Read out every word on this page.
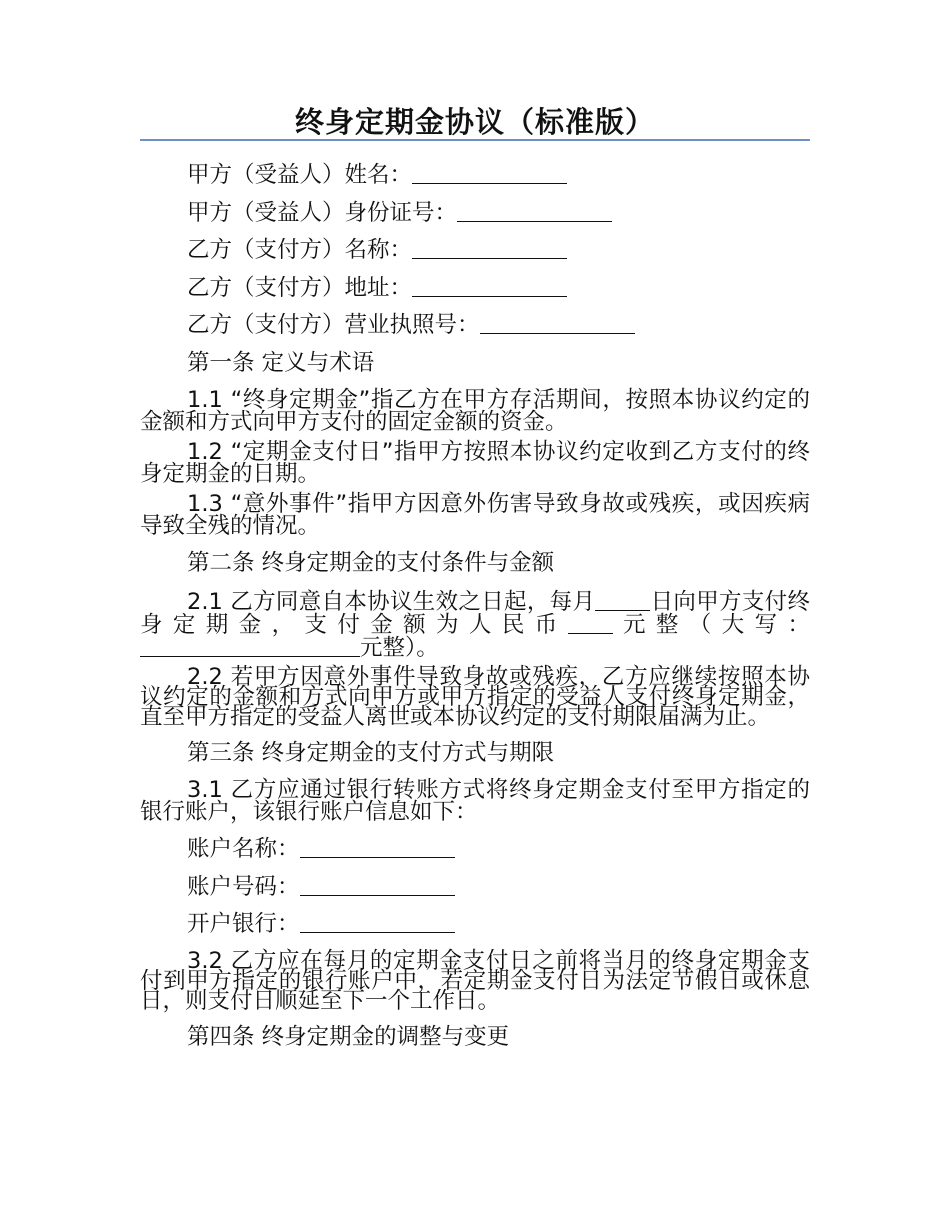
终身定期金协议（标准版）
甲方（受益人）姓名：
甲方（受益人）身份证号：
乙方（支付方）名称：
乙方（支付方）地址：
乙方（支付方）营业执照号：
第一条 定义与术语

1.1 “终身定期金”指乙方在甲方存活期间，按照本协议约定的金额和方式向甲方支付的固定金额的资金。

1.2 “定期金支付日”指甲方按照本协议约定收到乙方支付的终身定期金的日期。

1.3 “意外事件”指甲方因意外伤害导致身故或残疾，或因疾病导致全残的情况。

第二条 终身定期金的支付条件与金额

2.1 乙方同意自本协议生效之日起，每月 日向甲方支付终身定期金，支付金额为人民币 元整（大写：元整）。

2.2 若甲方因意外事件导致身故或残疾，乙方应继续按照本协议约定的金额和方式向甲方或甲方指定的受益人支付终身定期金，直至甲方指定的受益人离世或本协议约定的支付期限届满为止。

第三条 终身定期金的支付方式与期限

3.1 乙方应通过银行转账方式将终身定期金支付至甲方指定的银行账户，该银行账户信息如下：

账户名称：
账户号码：
开户银行：

3.2 乙方应在每月的定期金支付日之前将当月的终身定期金支付到甲方指定的银行账户中，若定期金支付日为法定节假日或休息日，则支付日顺延至下一个工作日。

第四条 终身定期金的调整与变更
